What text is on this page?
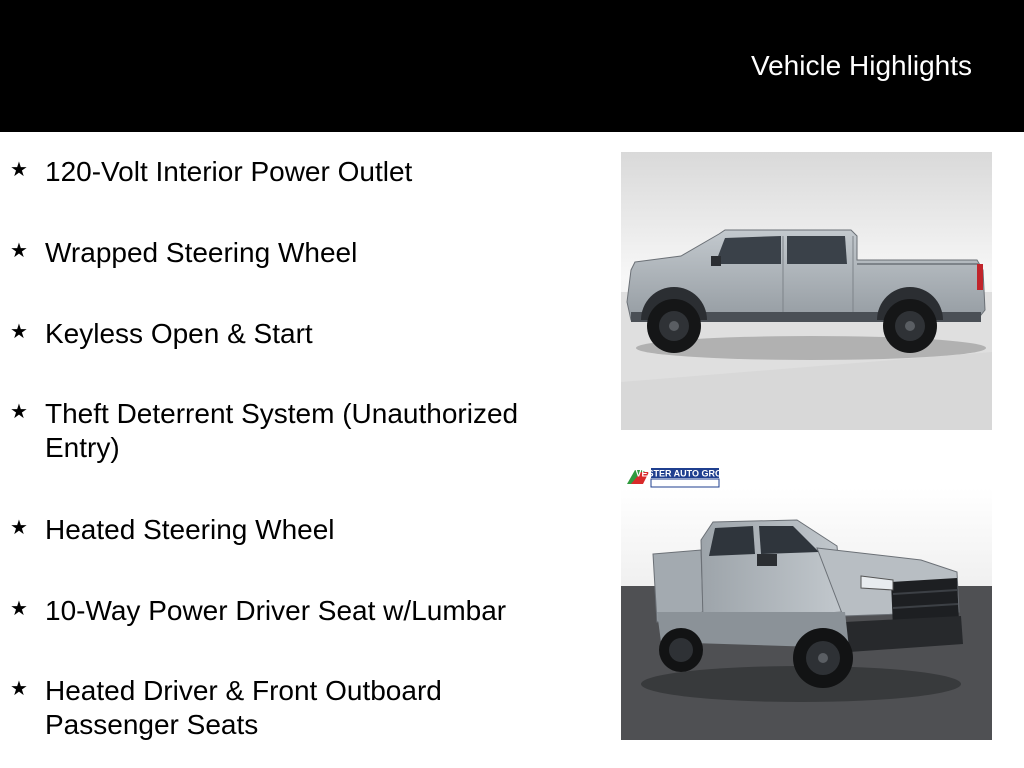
Vehicle Highlights
★ 120-Volt Interior Power Outlet
★ Wrapped Steering Wheel
★ Keyless Open & Start
★ Theft Deterrent System (Unauthorized Entry)
★ Heated Steering Wheel
★ 10-Way Power Driver Seat w/Lumbar
★ Heated Driver & Front Outboard Passenger Seats
VESTER AUTO GROUP
